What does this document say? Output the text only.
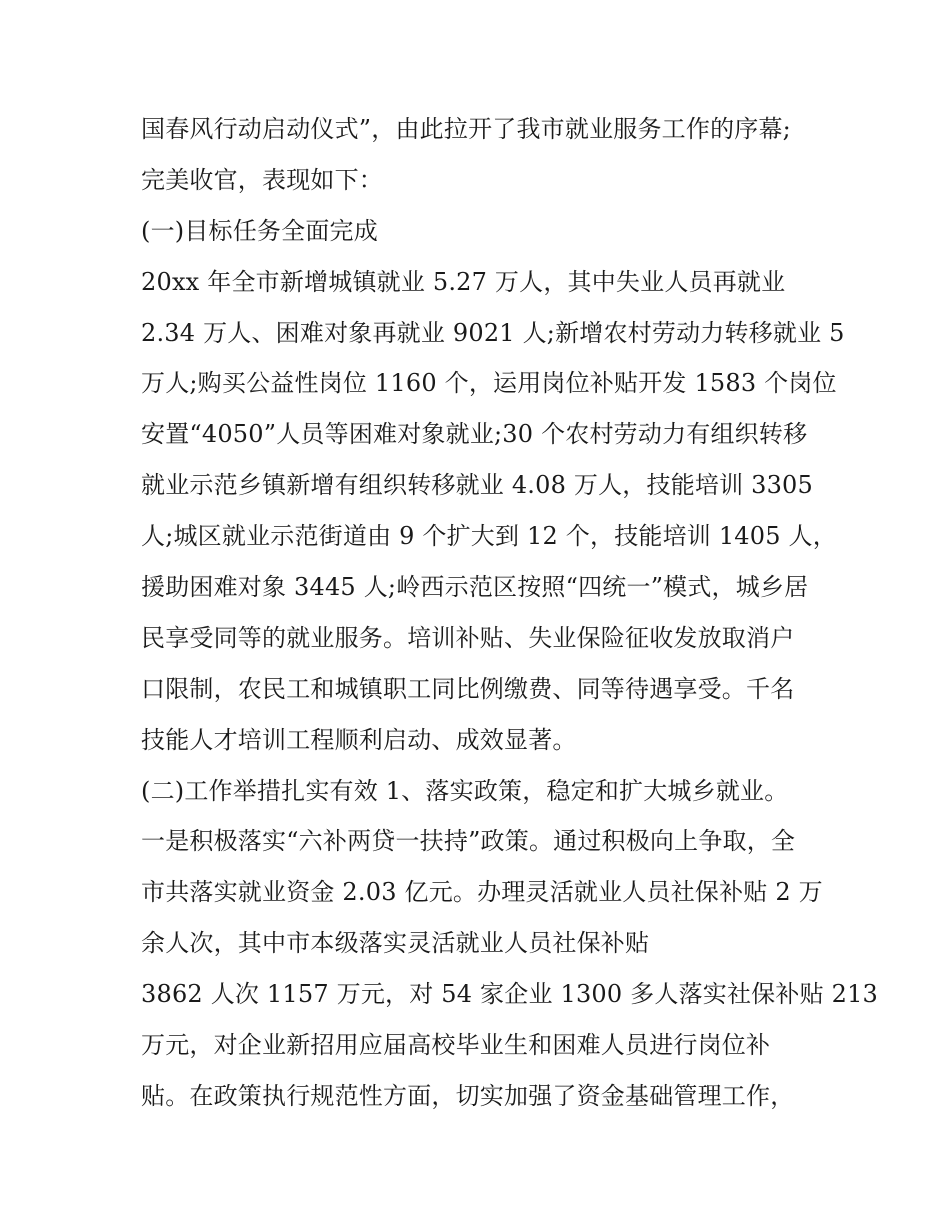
国春风行动启动仪式”，由此拉开了我市就业服务工作的序幕;
完美收官，表现如下：
(一)目标任务全面完成
20xx 年全市新增城镇就业 5.27 万人，其中失业人员再就业
2.34 万人、困难对象再就业 9021 人;新增农村劳动力转移就业 5
万人;购买公益性岗位 1160 个，运用岗位补贴开发 1583 个岗位
安置“4050”人员等困难对象就业;30 个农村劳动力有组织转移
就业示范乡镇新增有组织转移就业 4.08 万人，技能培训 3305
人;城区就业示范街道由 9 个扩大到 12 个，技能培训 1405 人，
援助困难对象 3445 人;岭西示范区按照“四统一”模式，城乡居
民享受同等的就业服务。培训补贴、失业保险征收发放取消户
口限制，农民工和城镇职工同比例缴费、同等待遇享受。千名
技能人才培训工程顺利启动、成效显著。
(二)工作举措扎实有效 1、落实政策，稳定和扩大城乡就业。
一是积极落实“六补两贷一扶持”政策。通过积极向上争取，全
市共落实就业资金 2.03 亿元。办理灵活就业人员社保补贴 2 万
余人次，其中市本级落实灵活就业人员社保补贴
3862 人次 1157 万元，对 54 家企业 1300 多人落实社保补贴 213
万元，对企业新招用应届高校毕业生和困难人员进行岗位补
贴。在政策执行规范性方面，切实加强了资金基础管理工作，
